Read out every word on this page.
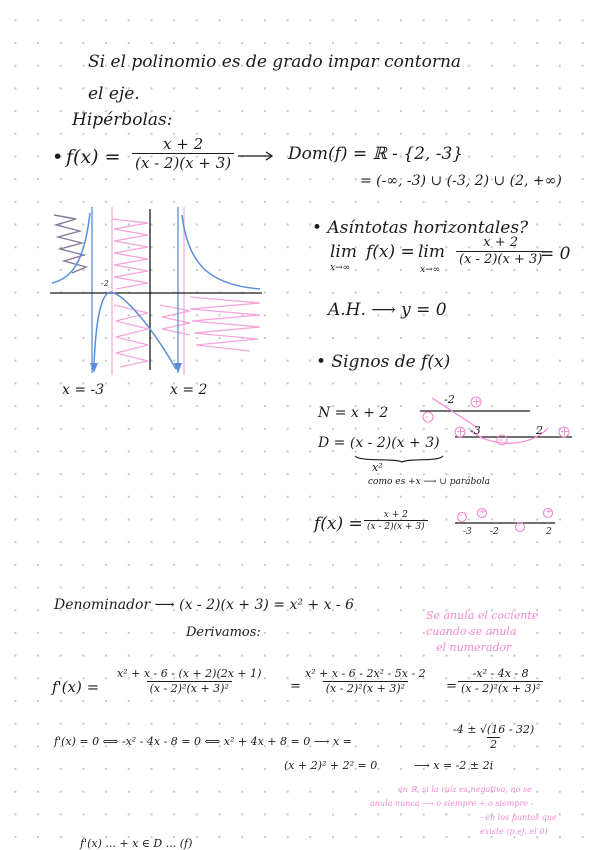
Si el polinomio es de grado impar contorna
el eje.
Hipérbolas:
• $f(x) = \frac{x + 2}{(x - 2)(x + 3)}$	Dom(f) = ℝ - {2, -3}
= (-∞, -3) ∪ (-3, 2) ∪ (2, +∞)
-2
x = -3	x = 2
• Asíntotas horizontales?
lim
x→∞
f(x) = lim
x→∞
$\frac{x + 2}{(x - 2)(x + 3)}$
= 0
A.H. ⟶ y = 0
• Signos de f(x)
N = x + 2
-2
-
+
D = (x - 2)(x + 3)
-3	2
+
-
+
x²
como es +x ⟶ ∪ parábola
$f(x) = \frac{x + 2}{(x - 2)(x + 3)}$	- +
-
+
-3 -2	2
Denominador ⟶ (x - 2)(x + 3) = x² + x - 6
Derivamos:
Se anula el cociente
cuando se anula
el numerador
$f'(x) = \frac{\text{x² + x - 6 - (x + 2)(2x + 1)}}{\text{(x - 2)²(x + 3)²}} = \frac{\text{x² + x - 6 - 2x² - 5x - 2}}{\text{(x - 2)²(x + 3)²}} = \frac{\text{-x² - 4x - 8}}{\text{(x - 2)²(x + 3)²}}$
f'(x) = 0 ⟺ -x² - 4x - 8 = 0 ⟺ x² + 4x + 8 = 0 ⟶ x =	$\frac{-4 \pm √(16 - 32)}{2}$
(x + 2)² + 2² = 0	⟶ x = -2 ± 2i
en ℝ, si la raíz es negativa, no se
anula nunca ⟶ o siempre + o siempre -
- en los puntos que
existe (p.ej. el 0)
f'(x) ... + x ∈ D ... (f)
